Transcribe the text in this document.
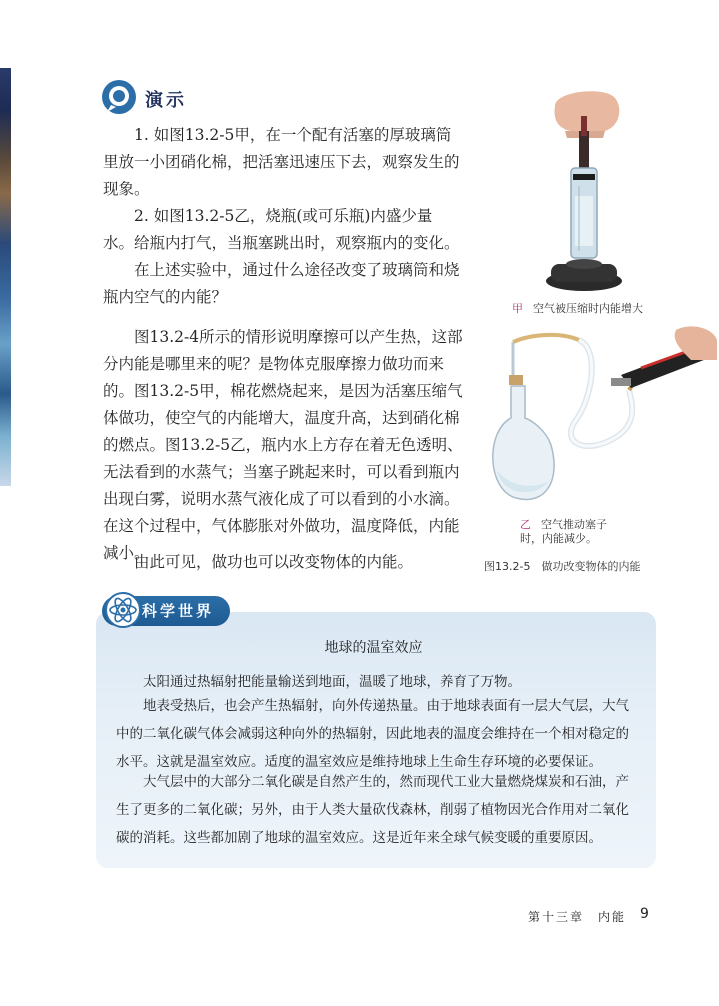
演示
1. 如图13.2-5甲，在一个配有活塞的厚玻璃筒里放一小团硝化棉，把活塞迅速压下去，观察发生的现象。
2. 如图13.2-5乙，烧瓶(或可乐瓶)内盛少量水。给瓶内打气，当瓶塞跳出时，观察瓶内的变化。
在上述实验中，通过什么途径改变了玻璃筒和烧瓶内空气的内能？
图13.2-4所示的情形说明摩擦可以产生热，这部分内能是哪里来的呢？是物体克服摩擦力做功而来的。图13.2-5甲，棉花燃烧起来，是因为活塞压缩气体做功，使空气的内能增大，温度升高，达到硝化棉的燃点。图13.2-5乙，瓶内水上方存在着无色透明、无法看到的水蒸气；当塞子跳起来时，可以看到瓶内出现白雾，说明水蒸气液化成了可以看到的小水滴。在这个过程中，气体膨胀对外做功，温度降低，内能减小。
由此可见，做功也可以改变物体的内能。
甲 空气被压缩时内能增大
乙 空气推动塞子
时，内能减少。
图13.2-5　做功改变物体的内能
科学世界
地球的温室效应
太阳通过热辐射把能量输送到地面，温暖了地球，养育了万物。
地表受热后，也会产生热辐射，向外传递热量。由于地球表面有一层大气层，大气中的二氧化碳气体会减弱这种向外的热辐射，因此地表的温度会维持在一个相对稳定的水平。这就是温室效应。适度的温室效应是维持地球上生命生存环境的必要保证。
大气层中的大部分二氧化碳是自然产生的，然而现代工业大量燃烧煤炭和石油，产生了更多的二氧化碳；另外，由于人类大量砍伐森林，削弱了植物因光合作用对二氧化碳的消耗。这些都加剧了地球的温室效应。这是近年来全球气候变暖的重要原因。
第十三章　内能 9
